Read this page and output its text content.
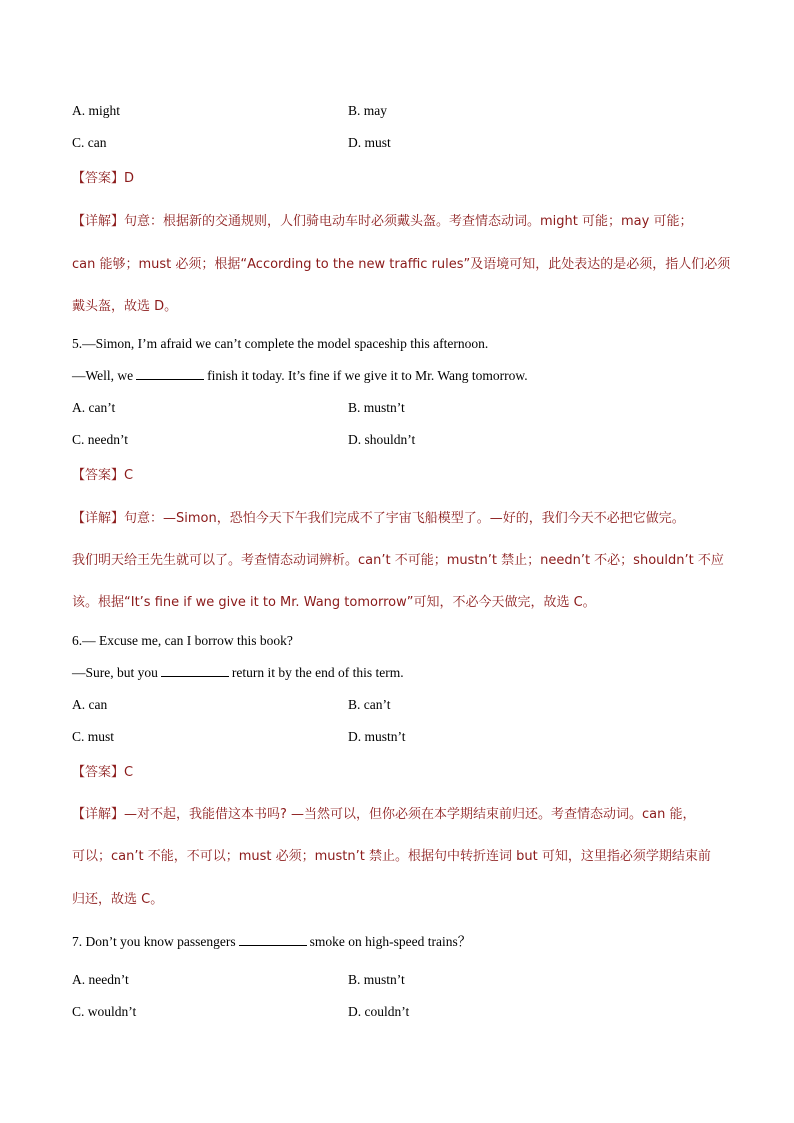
A. might	B. may
C. can	D. must
【答案】D
【详解】句意：根据新的交通规则，人们骑电动车时必须戴头盔。考查情态动词。might 可能；may 可能；
can 能够；must 必须；根据“According to the new traffic rules”及语境可知，此处表达的是必须，指人们必须
戴头盔，故选 D。
5.—Simon, I’m afraid we can’t complete the model spaceship this afternoon.
—Well, we	finish it today. It’s fine if we give it to Mr. Wang tomorrow.
A. can’t	B. mustn’t
C. needn’t	D. shouldn’t
【答案】C
【详解】句意：—Simon，恐怕今天下午我们完成不了宇宙飞船模型了。—好的，我们今天不必把它做完。
我们明天给王先生就可以了。考查情态动词辨析。can’t 不可能；mustn’t 禁止；needn’t 不必；shouldn’t 不应
该。根据“It’s fine if we give it to Mr. Wang tomorrow”可知，不必今天做完，故选 C。
6.— Excuse me, can I borrow this book?
—Sure, but you	return it by the end of this term.
A. can	B. can’t
C. must	D. mustn’t
【答案】C
【详解】—对不起，我能借这本书吗? —当然可以，但你必须在本学期结束前归还。考查情态动词。can 能，
可以；can’t 不能，不可以；must 必须；mustn’t 禁止。根据句中转折连词 but 可知，这里指必须学期结束前
归还，故选 C。
7. Don’t you know passengers	smoke on high-speed trains？
A. needn’t	B. mustn’t
C. wouldn’t	D. couldn’t
